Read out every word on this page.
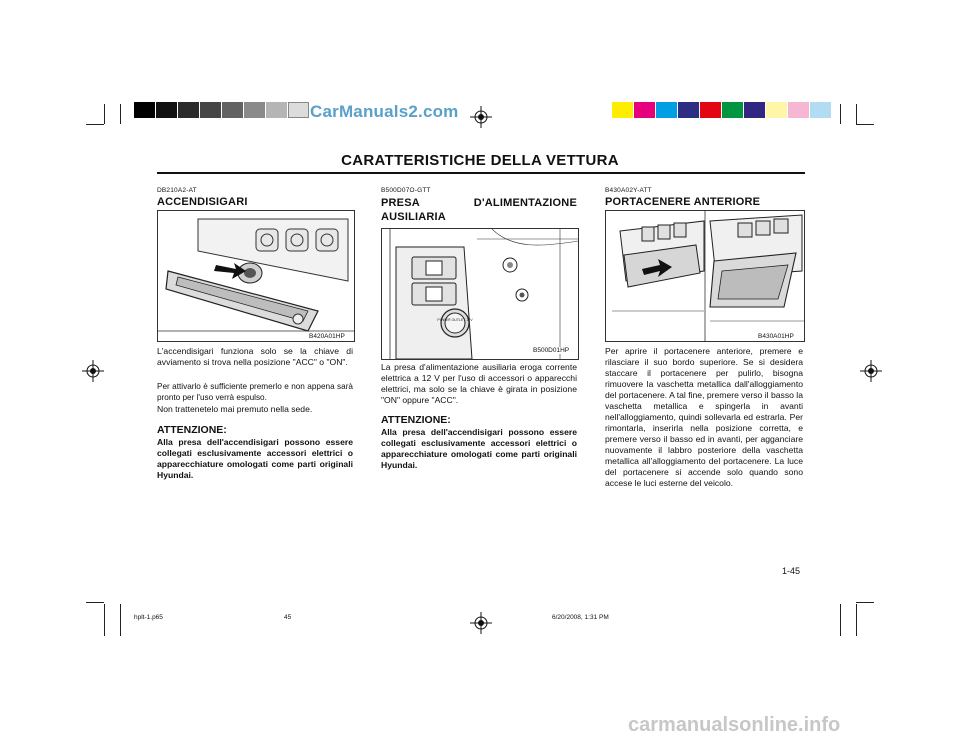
CarManuals2.com
CARATTERISTICHE DELLA VETTURA
DB210A2-AT
ACCENDISIGARI
B420A01HP
L'accendisigari funziona solo se la chiave di avviamento si trova nella posizione "ACC" o "ON".
Per attivarlo è sufficiente premerlo e non appena sarà pronto per l'uso verrà espulso.
Non trattenetelo mai premuto nella sede.
ATTENZIONE:
Alla presa dell'accendisigari possono essere collegati esclusivamente accessori elettrici o apparecchiature omologati come parti originali Hyundai.
B500D07O-GTT
PRESA D'ALIMENTAZIONE AUSILIARIA
POWER OUTLET 12V
B500D01HP
La presa d'alimentazione ausiliaria eroga corrente elettrica a 12 V per l'uso di accessori o apparecchi elettrici, ma solo se la chiave è girata in posizione "ON" oppure "ACC".
ATTENZIONE:
Alla presa dell'accendisigari possono essere collegati esclusivamente accessori elettrici o apparecchiature omologati come parti originali Hyundai.
B430A02Y-ATT
PORTACENERE ANTERIORE
B430A01HP
Per aprire il portacenere anteriore, premere e rilasciare il suo bordo superiore. Se si desidera staccare il portacenere per pulirlo, bisogna rimuovere la vaschetta metallica dall'alloggiamento del portacenere. A tal fine, premere verso il basso la vaschetta metallica e spingerla in avanti nell'alloggiamento, quindi sollevarla ed estrarla. Per rimontarla, inserirla nella posizione corretta, e premere verso il basso ed in avanti, per agganciare nuovamente il labbro posteriore della vaschetta metallica all'alloggiamento del portacenere. La luce del portacenere si accende solo quando sono accese le luci esterne del veicolo.
1-45
hplt-1.p65	45	6/20/2008, 1:31 PM
carmanualsonline.info
